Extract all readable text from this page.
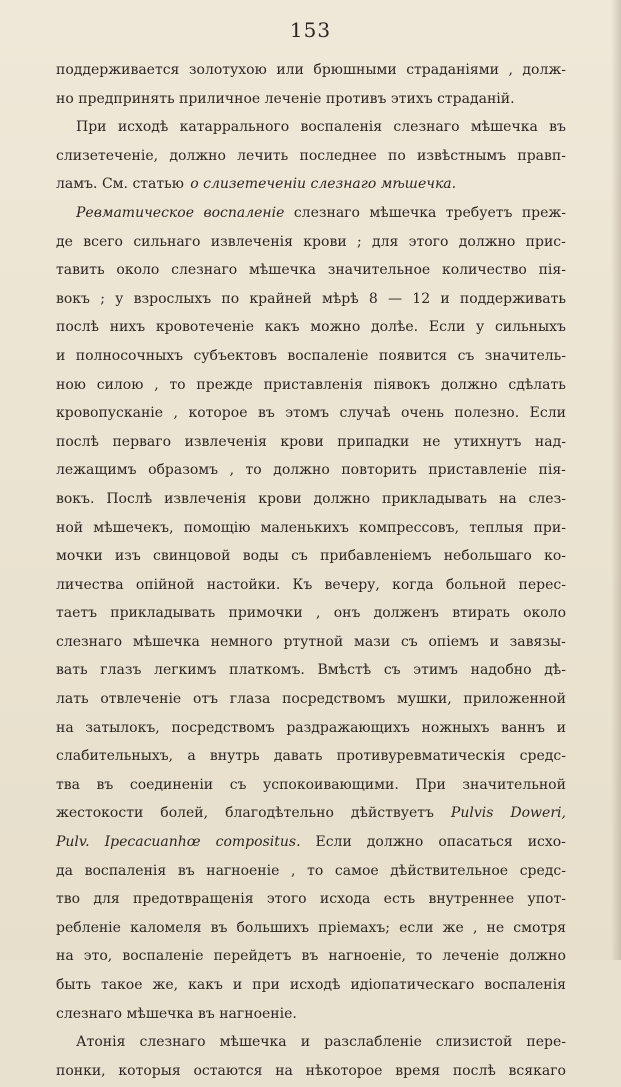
153
поддерживается золотухою или брюшными страданiями , долж-
но предпринять приличное леченiе противъ этихъ страданiй.
При исходѣ катаррального воспаленiя слезнаго мѣшечка въ
слизетеченiе, должно лечить последнее по извѣстнымъ правп-
ламъ. См. статью о слизетеченiи слезнаго мѣшечка.
Ревматическое воспаленiе слезнаго мѣшечка требуетъ преж-
де всего сильнаго извлеченiя крови ; для этого должно прис-
тавить около слезнаго мѣшечка значительное количество пiя-
вокъ ; у взрослыхъ по крайней мѣрѣ 8 — 12 и поддерживать
послѣ нихъ кровотеченiе какъ можно долѣе. Если у сильныхъ
и полносочныхъ субъектовъ воспаленiе появится съ значитель-
ною силою , то прежде приставленiя пiявокъ должно сдѣлать
кровопусканiе , которое въ этомъ случаѣ очень полезно. Если
послѣ перваго извлеченiя крови припадки не утихнутъ над-
лежащимъ образомъ , то должно повторить приставленiе пiя-
вокъ. Послѣ извлеченiя крови должно прикладывать на слез-
ной мѣшечекъ, помощiю маленькихъ компрессовъ, теплыя при-
мочки изъ свинцовой воды съ прибавленiемъ небольшаго ко-
личества опiйной настойки. Къ вечеру, когда больной перес-
таетъ прикладывать примочки , онъ долженъ втирать около
слезнаго мѣшечка немного ртутной мази съ опiемъ и завязы-
вать глазъ легкимъ платкомъ. Вмѣстѣ съ этимъ надобно дѣ-
лать отвлеченiе отъ глаза посредствомъ мушки, приложенной
на затылокъ, посредствомъ раздражающихъ ножныхъ ваннъ и
слабительныхъ, а внутрь давать противуревматическiя средс-
тва въ соединенiи съ успокоивающими. При значительной
жестокости болей, благодѣтельно дѣйствуетъ Pulvis Dowerі,
Pulv. Ipecacuanhœ compositus. Если должно опасаться исхо-
да воспаленiя въ нагноенiе , то самое дѣйствительное средс-
тво для предотвращенiя этого исхода есть внутреннее упот-
ребленiе каломеля въ большихъ прiемахъ; если же , не смотря
на это, воспаленiе перейдетъ въ нагноенiе, то леченiе должно
быть такое же, какъ и при исходѣ идiопатическаго воспаленiя
слезнаго мѣшечка въ нагноенiе.
Атонiя слезнаго мѣшечка и разслабленiе слизистой пере-
понки, которыя остаются на нѣкоторое время послѣ всякаго
